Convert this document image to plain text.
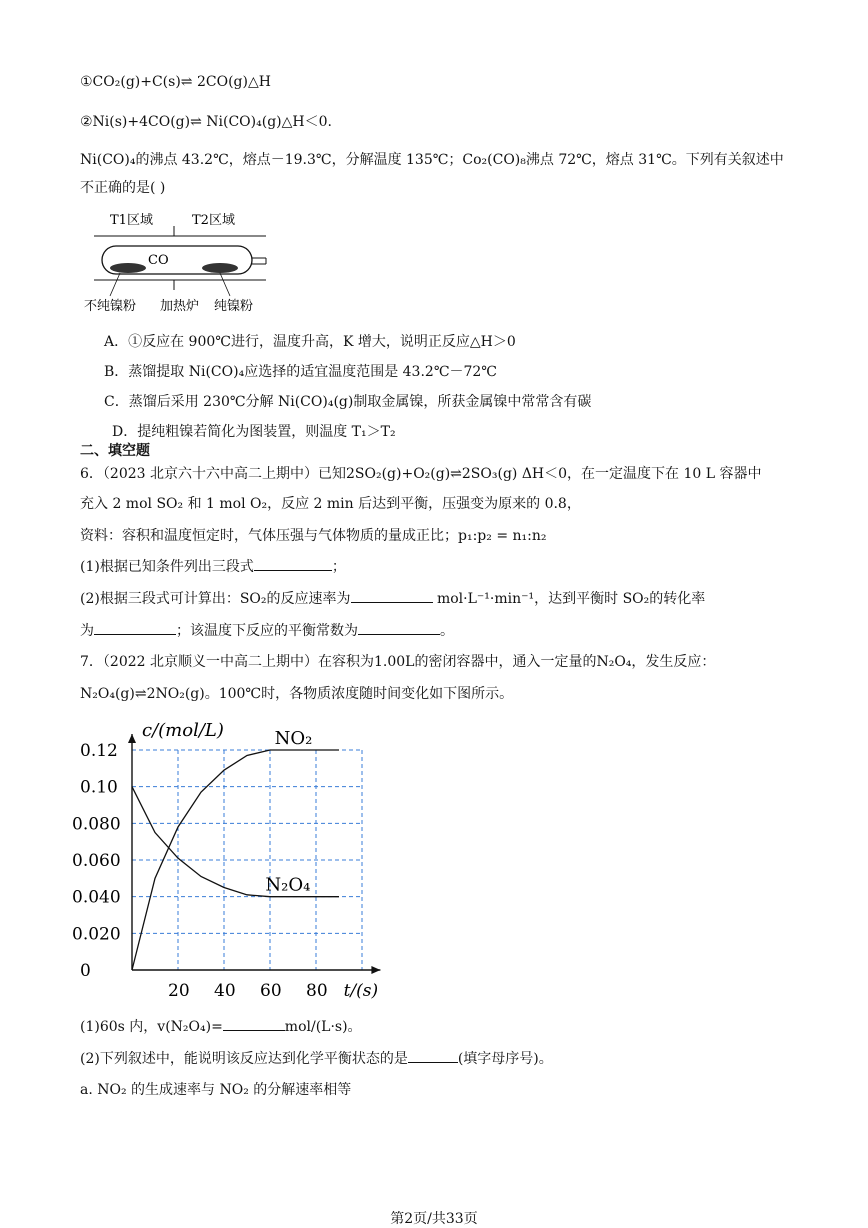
①CO₂(g)+C(s)⇌ 2CO(g)△H
②Ni(s)+4CO(g)⇌ Ni(CO)₄(g)△H＜0.
Ni(CO)₄的沸点 43.2℃，熔点－19.3℃，分解温度 135℃；Co₂(CO)₈沸点 72℃，熔点 31℃。下列有关叙述中
不正确的是( )
T1区域	T2区域
CO
不纯镍粉 加热炉 纯镍粉
A．①反应在 900℃进行，温度升高，K 增大，说明正反应△H＞0
B．蒸馏提取 Ni(CO)₄应选择的适宜温度范围是 43.2℃－72℃
C．蒸馏后采用 230℃分解 Ni(CO)₄(g)制取金属镍，所获金属镍中常常含有碳
D．提纯粗镍若简化为图装置，则温度 T₁＞T₂
二、填空题
6．（2023 北京六十六中高二上期中）已知2SO₂(g)+O₂(g)⇌2SO₃(g) ΔH＜0，在一定温度下在 10 L 容器中
充入 2 mol SO₂ 和 1 mol O₂，反应 2 min 后达到平衡，压强变为原来的 0.8，
资料：容积和温度恒定时，气体压强与气体物质的量成正比；p₁:p₂ = n₁:n₂
(1)根据已知条件列出三段式	；
(2)根据三段式可计算出：SO₂的反应速率为	mol·L⁻¹·min⁻¹，达到平衡时 SO₂的转化率
为	；该温度下反应的平衡常数为	。
7．（2022 北京顺义一中高二上期中）在容积为1.00L的密闭容器中，通入一定量的N₂O₄，发生反应：
N₂O₄(g)⇌2NO₂(g)。100℃时，各物质浓度随时间变化如下图所示。
0.12
0.10
0.080
0.060
0.040
0.020
0
20 40 60 80
c/(mol/L)
t/(s)
NO₂
N₂O₄
(1)60s 内，v(N₂O₄)=	mol/(L·s)。
(2)下列叙述中，能说明该反应达到化学平衡状态的是	(填字母序号)。
a. NO₂ 的生成速率与 NO₂ 的分解速率相等
第2页/共33页
